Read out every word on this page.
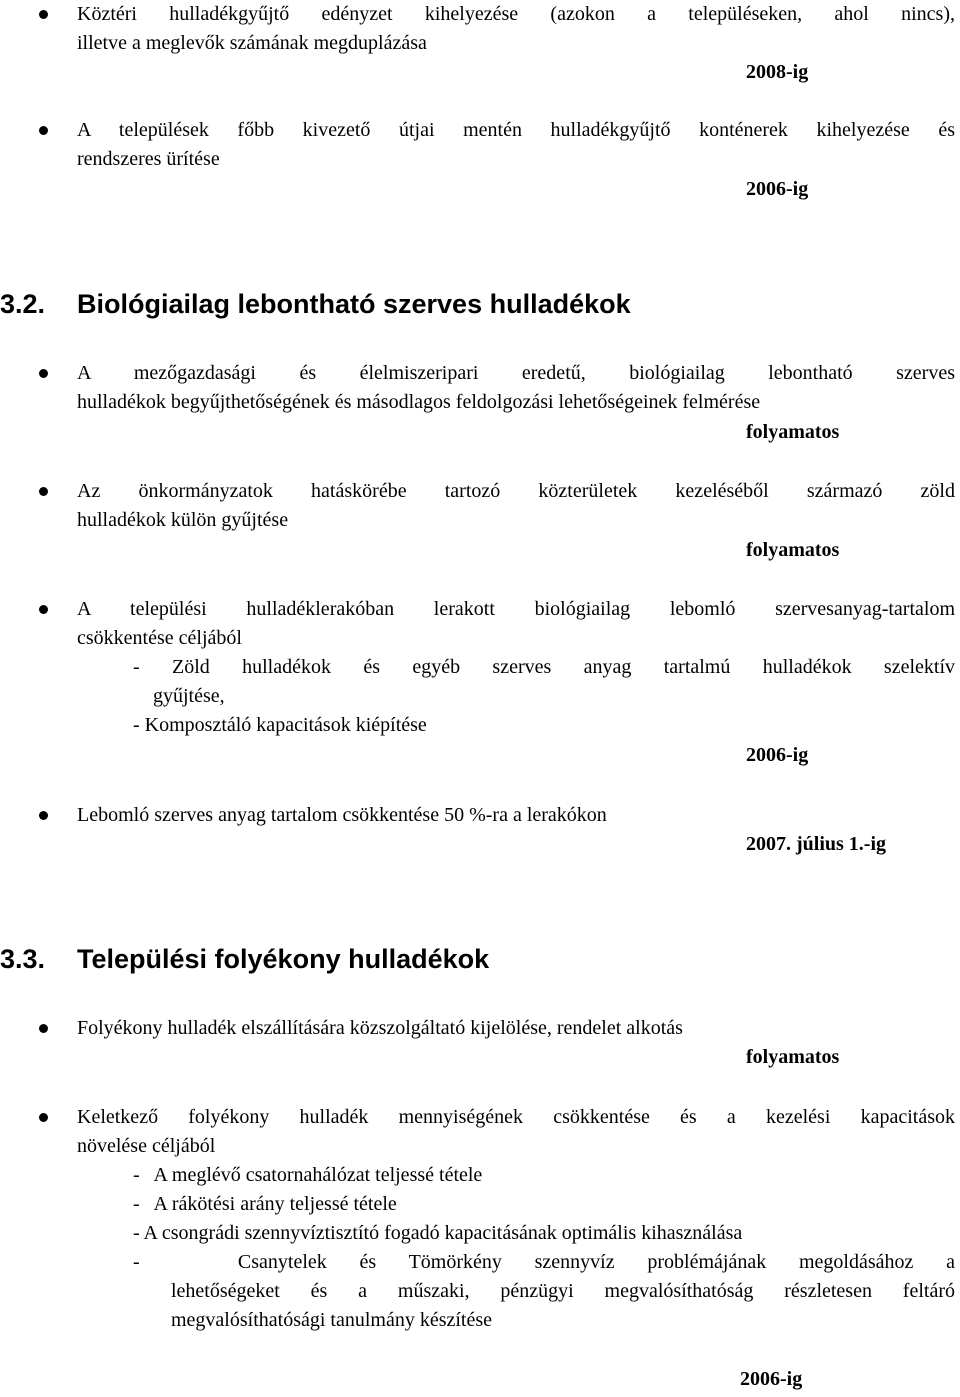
Köztéri hulladékgyűjtő edényzet kihelyezése (azokon a településeken, ahol nincs),
illetve a meglevők számának megduplázása
2008-ig
A települések főbb kivezető útjai mentén hulladékgyűjtő konténerek kihelyezése és
rendszeres ürítése
2006-ig
3.2. Biológiailag lebontható szerves hulladékok
A mezőgazdasági és élelmiszeripari eredetű, biológiailag lebontható szerves
hulladékok begyűjthetőségének és másodlagos feldolgozási lehetőségeinek felmérése
folyamatos
Az önkormányzatok hatáskörébe tartozó közterületek kezeléséből származó zöld
hulladékok külön gyűjtése
folyamatos
A települési hulladéklerakóban lerakott biológiailag lebomló szervesanyag-tartalom
csökkentése céljából
- Zöld hulladékok és egyéb szerves anyag tartalmú hulladékok szelektív
gyűjtése,
- Komposztáló kapacitások kiépítése
2006-ig
Lebomló szerves anyag tartalom csökkentése 50 %-ra a lerakókon
2007. július 1.-ig
3.3. Települési folyékony hulladékok
Folyékony hulladék elszállítására közszolgáltató kijelölése, rendelet alkotás
folyamatos
Keletkező folyékony hulladék mennyiségének csökkentése és a kezelési kapacitások
növelése céljából
-   A meglévő csatornahálózat teljessé tétele
-   A rákötési arány teljessé tétele
- A csongrádi szennyvíztisztító fogadó kapacitásának optimális kihasználása
-   Csanytelek és Tömörkény szennyvíz problémájának megoldásához a
lehetőségeket és a műszaki, pénzügyi megvalósíthatóság részletesen feltáró
megvalósíthatósági tanulmány készítése
2006-ig
